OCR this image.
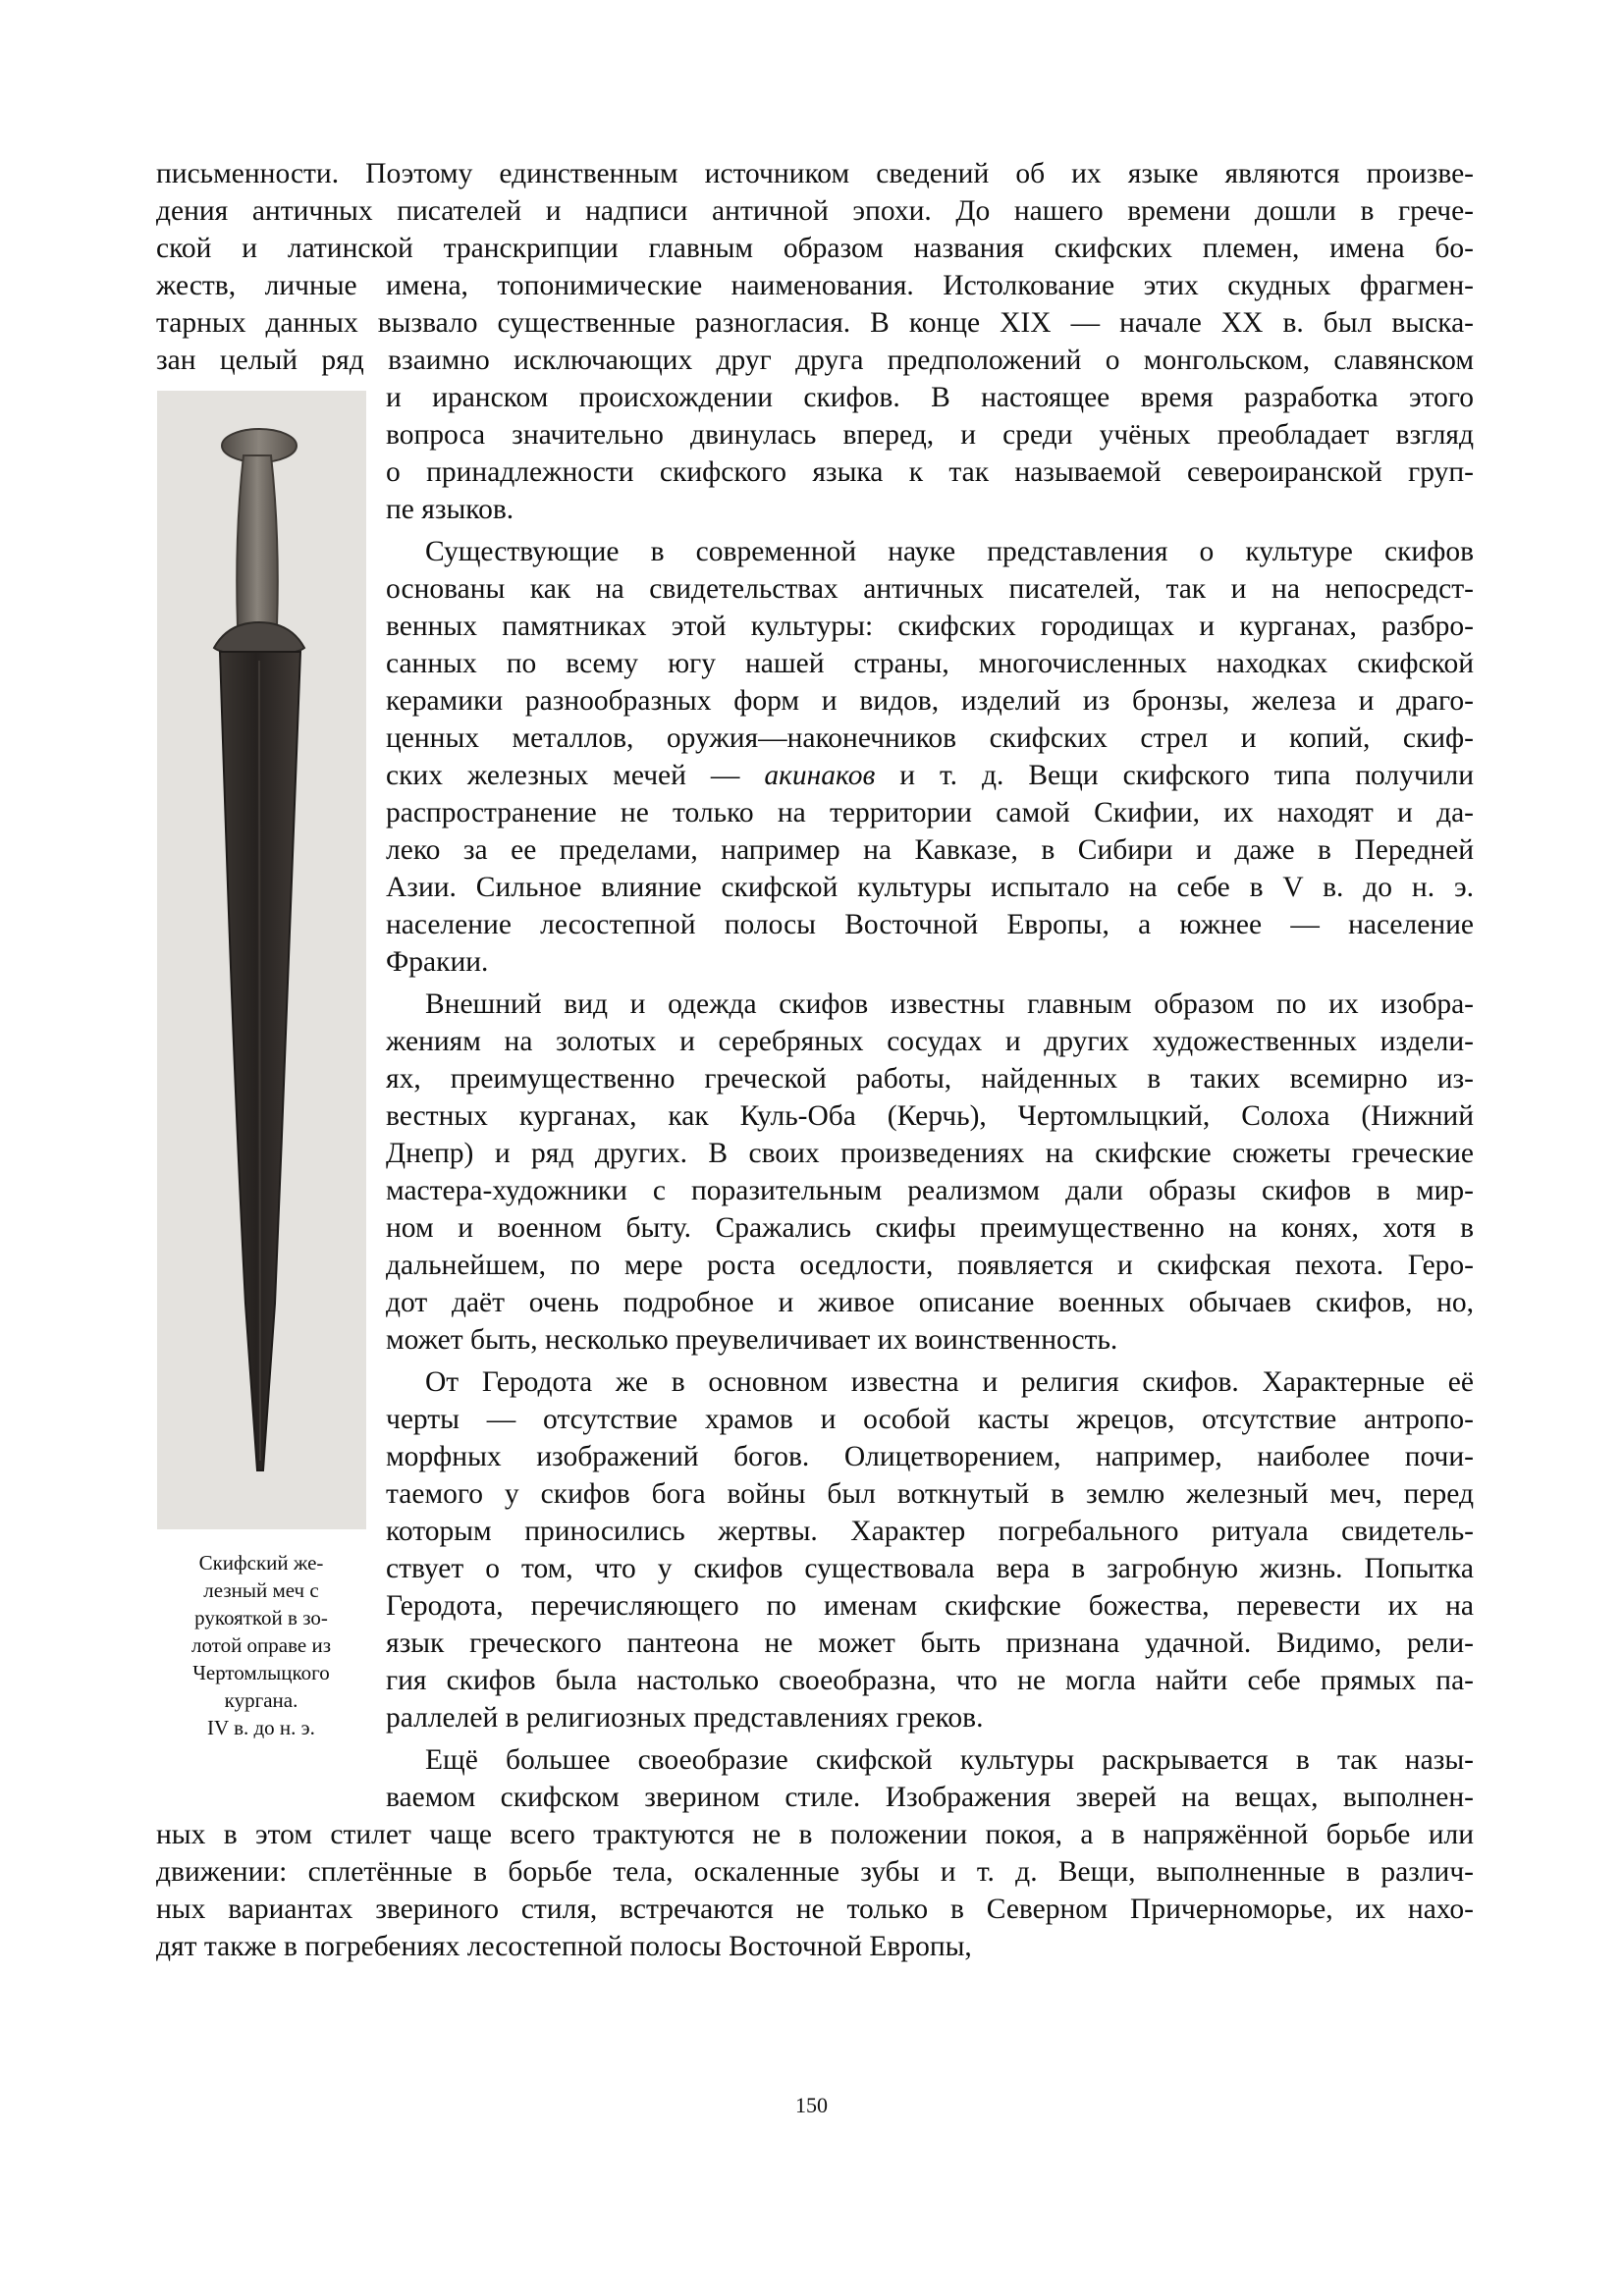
письменности. Поэтому единственным источником сведений об их языке являются произве-
дения античных писателей и надписи античной эпохи. До нашего времени дошли в грече-
ской и латинской транскрипции главным образом названия скифских племен, имена бо-
жеств, личные имена, топонимические наименования. Истолкование этих скудных фрагмен-
тарных данных вызвало существенные разногласия. В конце XIX — начале XX в. был выска-
зан целый ряд взаимно исключающих друг друга предположений о монгольском, славянском
и иранском происхождении скифов. В настоящее время разработка этого
вопроса значительно двинулась вперед, и среди учёных преобладает взгляд
о принадлежности скифского языка к так называемой североиранской груп-
пе языков.
Существующие в современной науке представления о культуре скифов
основаны как на свидетельствах античных писателей, так и на непосредст-
венных памятниках этой культуры: скифских городищах и курганах, разбро-
санных по всему югу нашей страны, многочисленных находках скифской
керамики разнообразных форм и видов, изделий из бронзы, железа и драго-
ценных металлов, оружия—наконечников скифских стрел и копий, скиф-
ских железных мечей — акинаков и т. д. Вещи скифского типа получили
распространение не только на территории самой Скифии, их находят и да-
леко за ее пределами, например на Кавказе, в Сибири и даже в Передней
Азии. Сильное влияние скифской культуры испытало на себе в V в. до н. э.
население лесостепной полосы Восточной Европы, а южнее — население
Фракии.
Внешний вид и одежда скифов известны главным образом по их изобра-
жениям на золотых и серебряных сосудах и других художественных издели-
ях, преимущественно греческой работы, найденных в таких всемирно из-
вестных курганах, как Куль-Оба (Керчь), Чертомлыцкий, Солоха (Нижний
Днепр) и ряд других. В своих произведениях на скифские сюжеты греческие
мастера-художники с поразительным реализмом дали образы скифов в мир-
ном и военном быту. Сражались скифы преимущественно на конях, хотя в
дальнейшем, по мере роста оседлости, появляется и скифская пехота. Геро-
дот даёт очень подробное и живое описание военных обычаев скифов, но,
может быть, несколько преувеличивает их воинственность.
От Геродота же в основном известна и религия скифов. Характерные её
черты — отсутствие храмов и особой касты жрецов, отсутствие антропо-
морфных изображений богов. Олицетворением, например, наиболее почи-
таемого у скифов бога войны был воткнутый в землю железный меч, перед
которым приносились жертвы. Характер погребального ритуала свидетель-
ствует о том, что у скифов существовала вера в загробную жизнь. Попытка
Геродота, перечисляющего по именам скифские божества, перевести их на
язык греческого пантеона не может быть признана удачной. Видимо, рели-
гия скифов была настолько своеобразна, что не могла найти себе прямых па-
раллелей в религиозных представлениях греков.
Ещё большее своеобразие скифской культуры раскрывается в так назы-
ваемом скифском зверином стиле. Изображения зверей на вещах, выполнен-
ных в этом стилет чаще всего трактуются не в положении покоя, а в напряжённой борьбе или
движении: сплетённые в борьбе тела, оскаленные зубы и т. д. Вещи, выполненные в различ-
ных вариантах звериного стиля, встречаются не только в Северном Причерноморье, их нахо-
дят также в погребениях лесостепной полосы Восточной Европы,
Скифский же-
лезный меч с
рукояткой в зо-
лотой оправе из
Чертомлыцкого
кургана.
IV в. до н. э.
150
